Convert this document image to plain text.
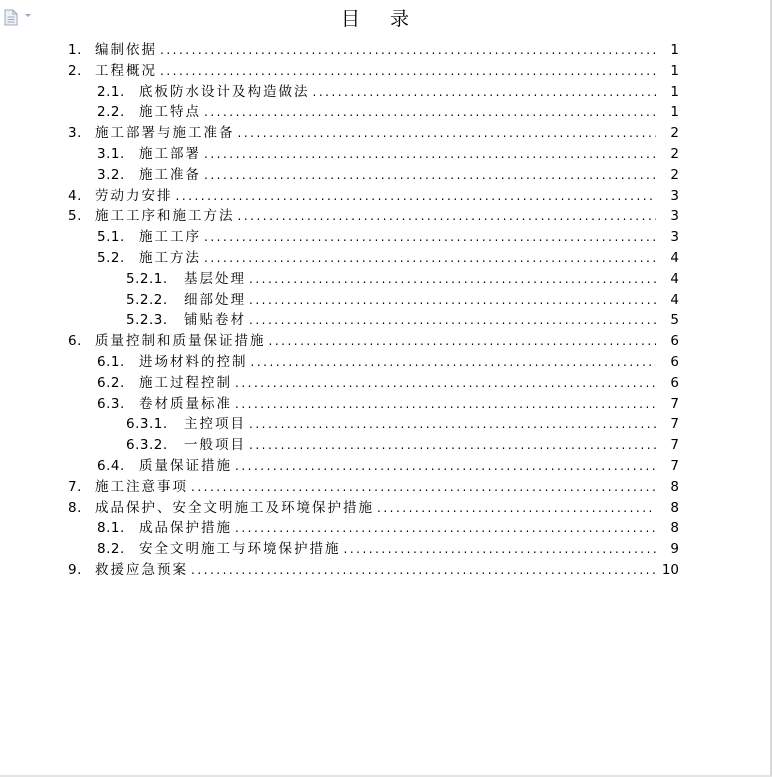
目 录
1. 编制依据 .....	1
2. 工程概况 .....	1
2.1.	底板防水设计及构造做法 .....	1
2.2.	施工特点 .....	1
3. 施工部署与施工准备 .....	2
3.1.	施工部署 .....	2
3.2.	施工准备 .....	2
4. 劳动力安排 .....	3
5. 施工工序和施工方法 .....	3
5.1.	施工工序 .....	3
5.2.	施工方法 .....	4
5.2.1.	基层处理 .....	4
5.2.2.	细部处理 .....	4
5.2.3.	铺贴卷材 .....	5
6. 质量控制和质量保证措施 .....	6
6.1.	进场材料的控制 .....	6
6.2.	施工过程控制 .....	6
6.3.	卷材质量标准 .....	7
6.3.1.	主控项目 .....	7
6.3.2.	一般项目 .....	7
6.4.	质量保证措施 .....	7
7. 施工注意事项 .....	8
8. 成品保护、安全文明施工及环境保护措施 .....	8
8.1.	成品保护措施 .....	8
8.2.	安全文明施工与环境保护措施 .....	9
9. 救援应急预案 .....	10
